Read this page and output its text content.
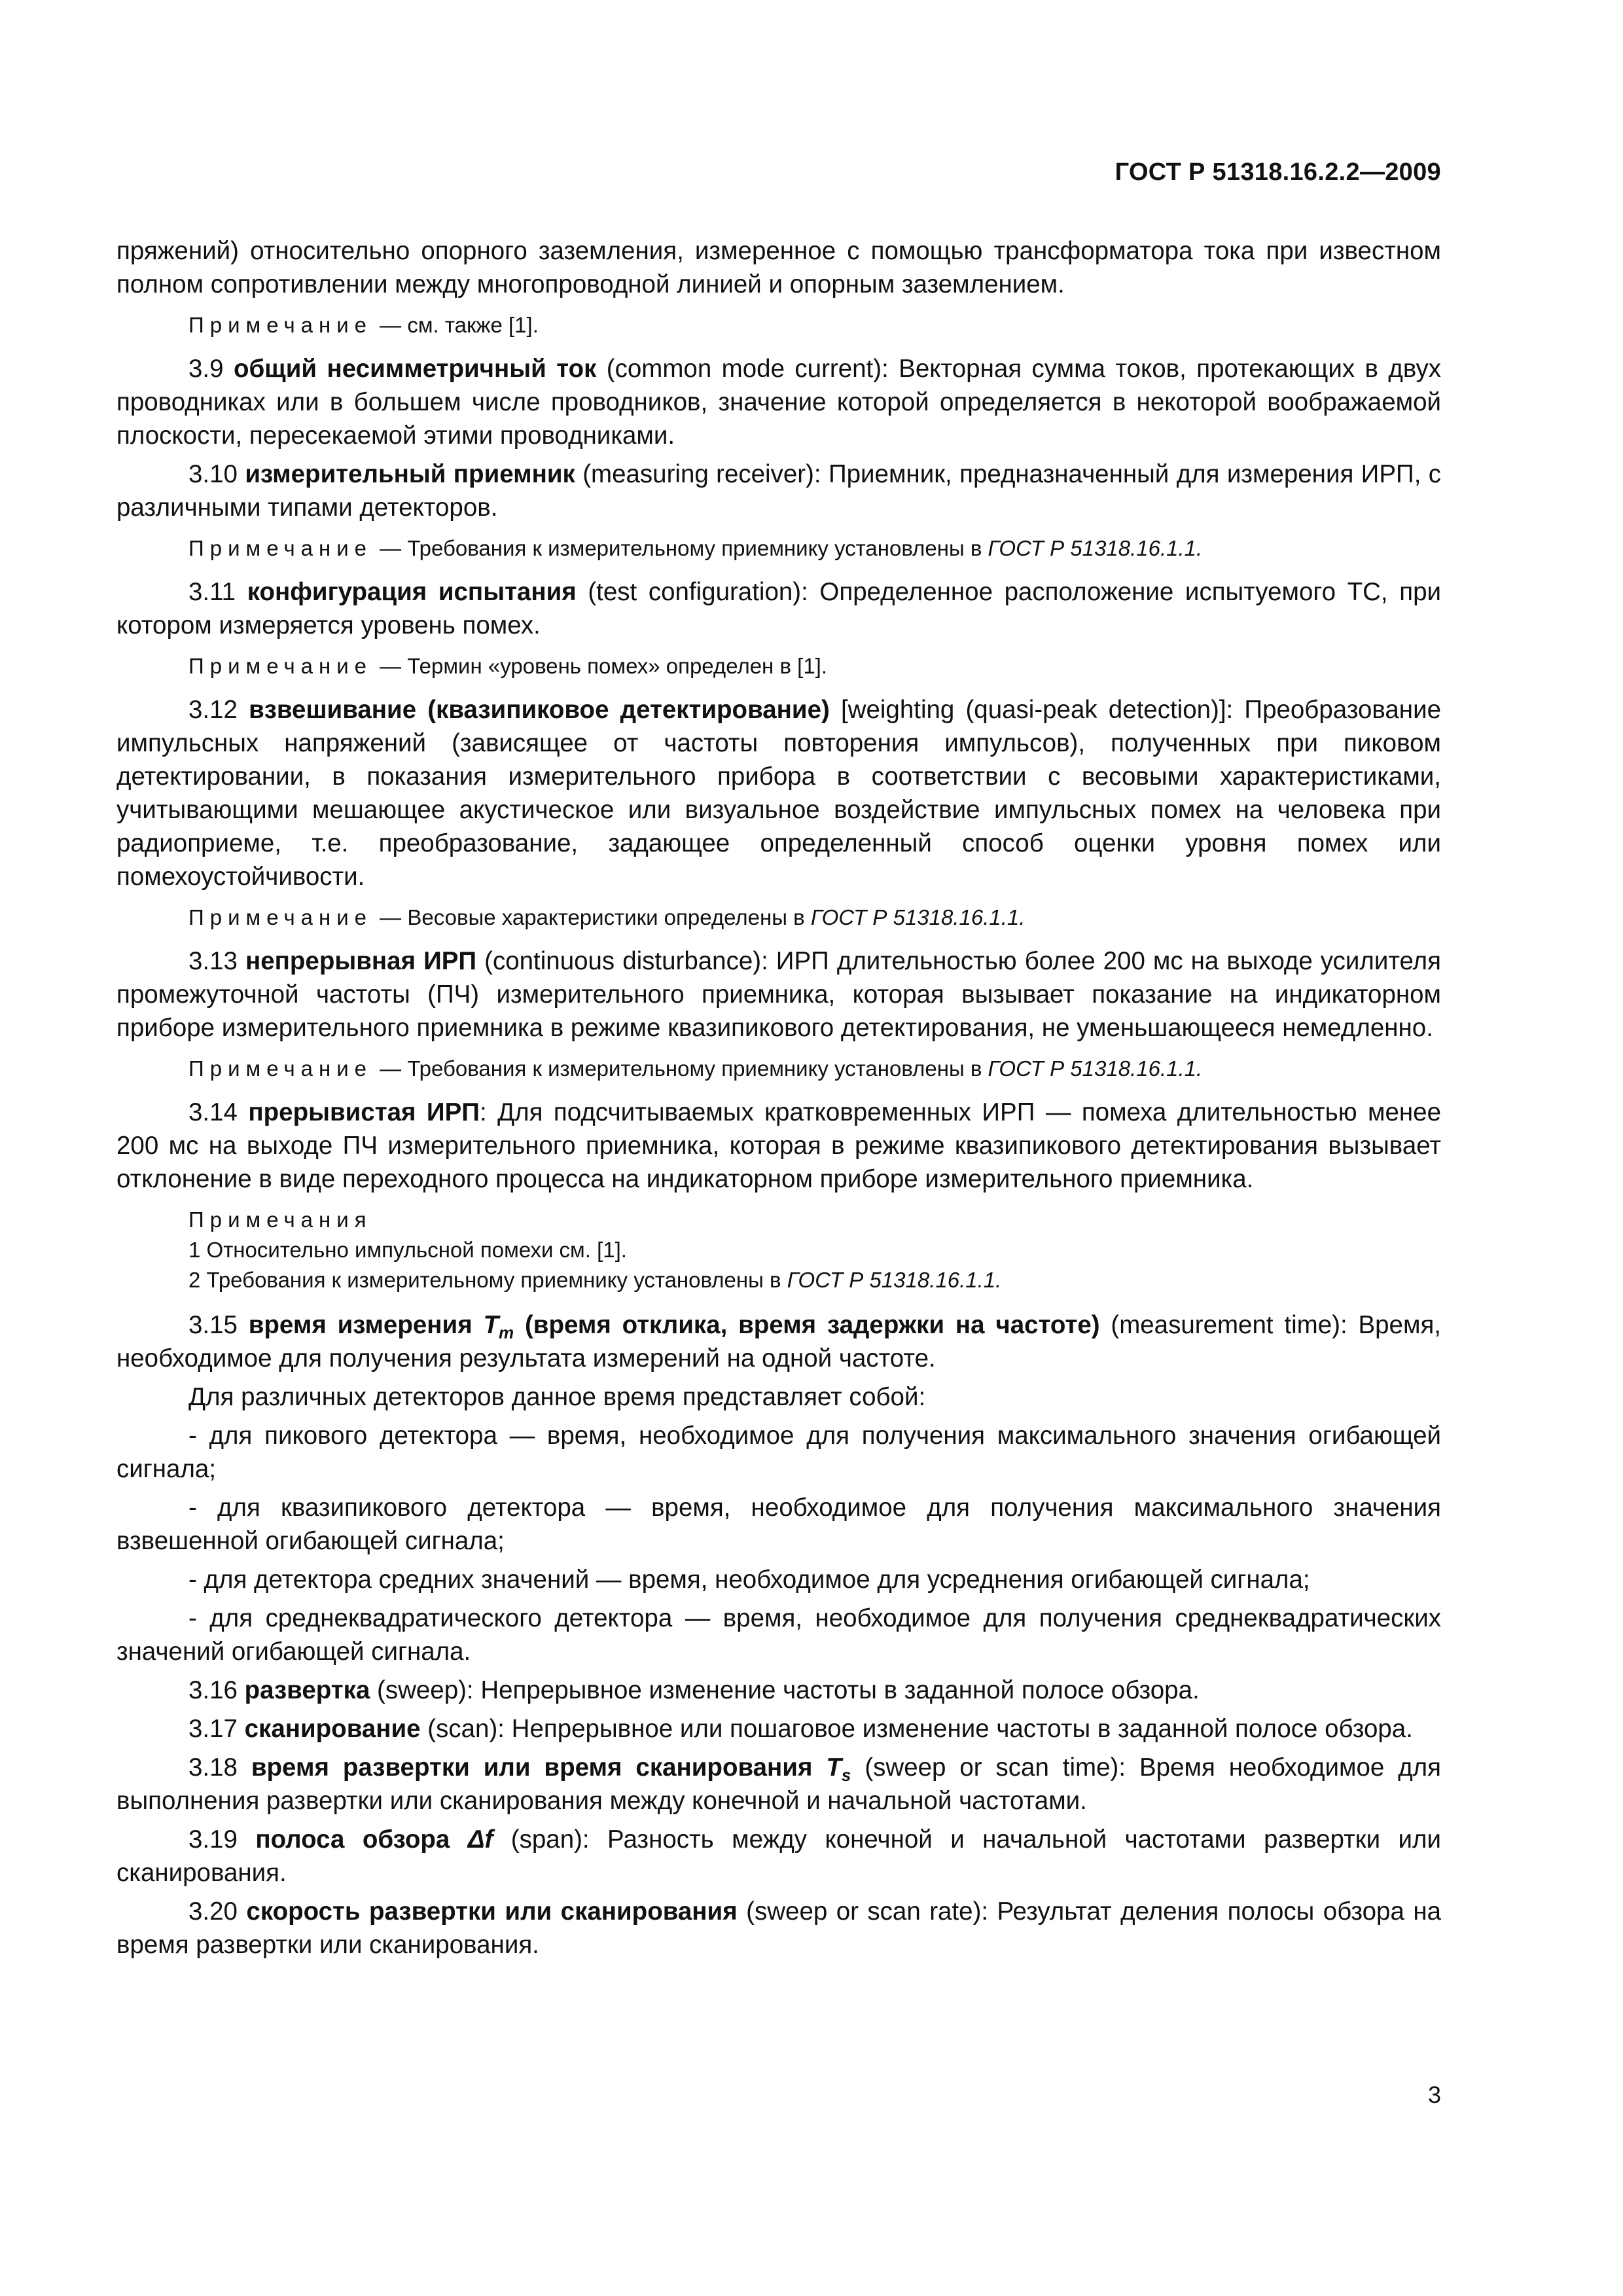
ГОСТ Р 51318.16.2.2—2009

пряжений) относительно опорного заземления, измеренное с помощью трансформатора тока при известном полном сопротивлении между многопроводной линией и опорным заземлением.

Примечание — см. также [1].

3.9 общий несимметричный ток (common mode current): Векторная сумма токов, протекающих в двух проводниках или в большем числе проводников, значение которой определяется в некоторой воображаемой плоскости, пересекаемой этими проводниками.

3.10 измерительный приемник (measuring receiver): Приемник, предназначенный для измерения ИРП, с различными типами детекторов.

Примечание — Требования к измерительному приемнику установлены в ГОСТ Р 51318.16.1.1.

3.11 конфигурация испытания (test configuration): Определенное расположение испытуемого ТС, при котором измеряется уровень помех.

Примечание — Термин «уровень помех» определен в [1].

3.12 взвешивание (квазипиковое детектирование) [weighting (quasi-peak detection)]: Преобразование импульсных напряжений (зависящее от частоты повторения импульсов), полученных при пиковом детектировании, в показания измерительного прибора в соответствии с весовыми характеристиками, учитывающими мешающее акустическое или визуальное воздействие импульсных помех на человека при радиоприеме, т.е. преобразование, задающее определенный способ оценки уровня помех или помехоустойчивости.

Примечание — Весовые характеристики определены в ГОСТ Р 51318.16.1.1.

3.13 непрерывная ИРП (continuous disturbance): ИРП длительностью более 200 мс на выходе усилителя промежуточной частоты (ПЧ) измерительного приемника, которая вызывает показание на индикаторном приборе измерительного приемника в режиме квазипикового детектирования, не уменьшающееся немедленно.

Примечание — Требования к измерительному приемнику установлены в ГОСТ Р 51318.16.1.1.

3.14 прерывистая ИРП: Для подсчитываемых кратковременных ИРП — помеха длительностью менее 200 мс на выходе ПЧ измерительного приемника, которая в режиме квазипикового детектирования вызывает отклонение в виде переходного процесса на индикаторном приборе измерительного приемника.

Примечания
1 Относительно импульсной помехи см. [1].
2 Требования к измерительному приемнику установлены в ГОСТ Р 51318.16.1.1.

3.15 время измерения $T_m$ (время отклика, время задержки на частоте) (measurement time): Время, необходимое для получения результата измерений на одной частоте.

Для различных детекторов данное время представляет собой:

- для пикового детектора — время, необходимое для получения максимального значения огибающей сигнала;

- для квазипикового детектора — время, необходимое для получения максимального значения взвешенной огибающей сигнала;

- для детектора средних значений — время, необходимое для усреднения огибающей сигнала;

- для среднеквадратического детектора — время, необходимое для получения среднеквадратических значений огибающей сигнала.

3.16 развертка (sweep): Непрерывное изменение частоты в заданной полосе обзора.

3.17 сканирование (scan): Непрерывное или пошаговое изменение частоты в заданной полосе обзора.

3.18 время развертки или время сканирования $T_s$ (sweep or scan time): Время необходимое для выполнения развертки или сканирования между конечной и начальной частотами.

3.19 полоса обзора Δf (span): Разность между конечной и начальной частотами развертки или сканирования.

3.20 скорость развертки или сканирования (sweep or scan rate): Результат деления полосы обзора на время развертки или сканирования.

3
